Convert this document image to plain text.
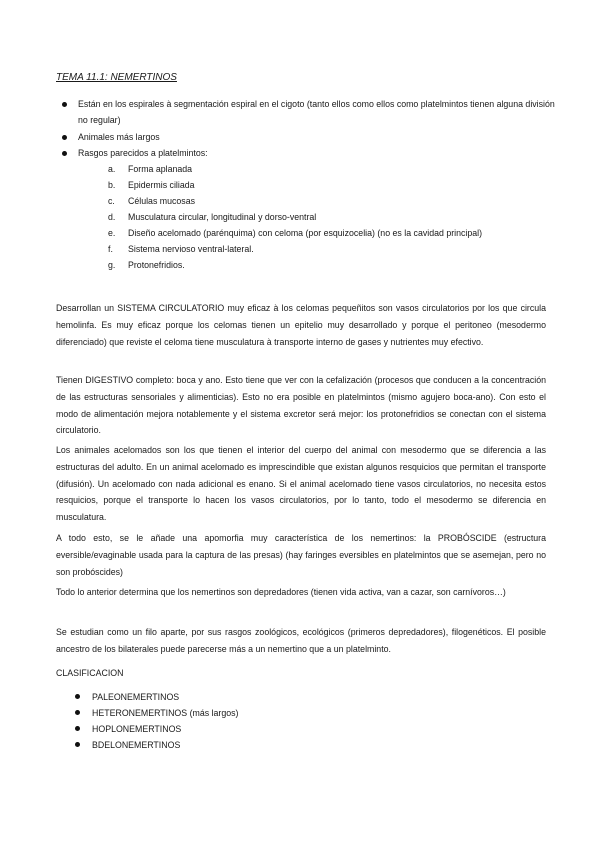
TEMA 11.1: NEMERTINOS
Están en los espirales à segmentación espiral en el cigoto (tanto ellos como ellos como platelmintos tienen alguna división no regular)
Animales más largos
Rasgos parecidos a platelmintos:
a. Forma aplanada
b. Epidermis ciliada
c. Células mucosas
d. Musculatura circular, longitudinal y dorso-ventral
e. Diseño acelomado (parénquima) con celoma (por esquizocelia) (no es la cavidad principal)
f. Sistema nervioso ventral-lateral.
g. Protonefridios.

Desarrollan un SISTEMA CIRCULATORIO muy eficaz à los celomas pequeñitos son vasos circulatorios por los que circula hemolinfa. Es muy eficaz porque los celomas tienen un epitelio muy desarrollado y porque el peritoneo (mesodermo diferenciado) que reviste el celoma tiene musculatura à transporte interno de gases y nutrientes muy efectivo.

Tienen DIGESTIVO completo: boca y ano. Esto tiene que ver con la cefalización (procesos que conducen a la concentración de las estructuras sensoriales y alimenticias). Esto no era posible en platelmintos (mismo agujero boca-ano). Con esto el modo de alimentación mejora notablemente y el sistema excretor será mejor: los protonefridios se conectan con el sistema circulatorio.

Los animales acelomados son los que tienen el interior del cuerpo del animal con mesodermo que se diferencia a las estructuras del adulto. En un animal acelomado es imprescindible que existan algunos resquicios que permitan el transporte (difusión). Un acelomado con nada adicional es enano. Si el animal acelomado tiene vasos circulatorios, no necesita estos resquicios, porque el transporte lo hacen los vasos circulatorios, por lo tanto, todo el mesodermo se diferencia en musculatura.

A todo esto, se le añade una apomorfia muy característica de los nemertinos: la PROBÓSCIDE (estructura eversible/evaginable usada para la captura de las presas) (hay faringes eversibles en platelmintos que se asemejan, pero no son probóscides)

Todo lo anterior determina que los nemertinos son depredadores (tienen vida activa, van a cazar, son carnívoros…)

Se estudian como un filo aparte, por sus rasgos zoológicos, ecológicos (primeros depredadores), filogenéticos. El posible ancestro de los bilaterales puede parecerse más a un nemertino que a un platelminto.

CLASIFICACION
PALEONEMERTINOS
HETERONEMERTINOS (más largos)
HOPLONEMERTINOS
BDELONEMERTINOS
